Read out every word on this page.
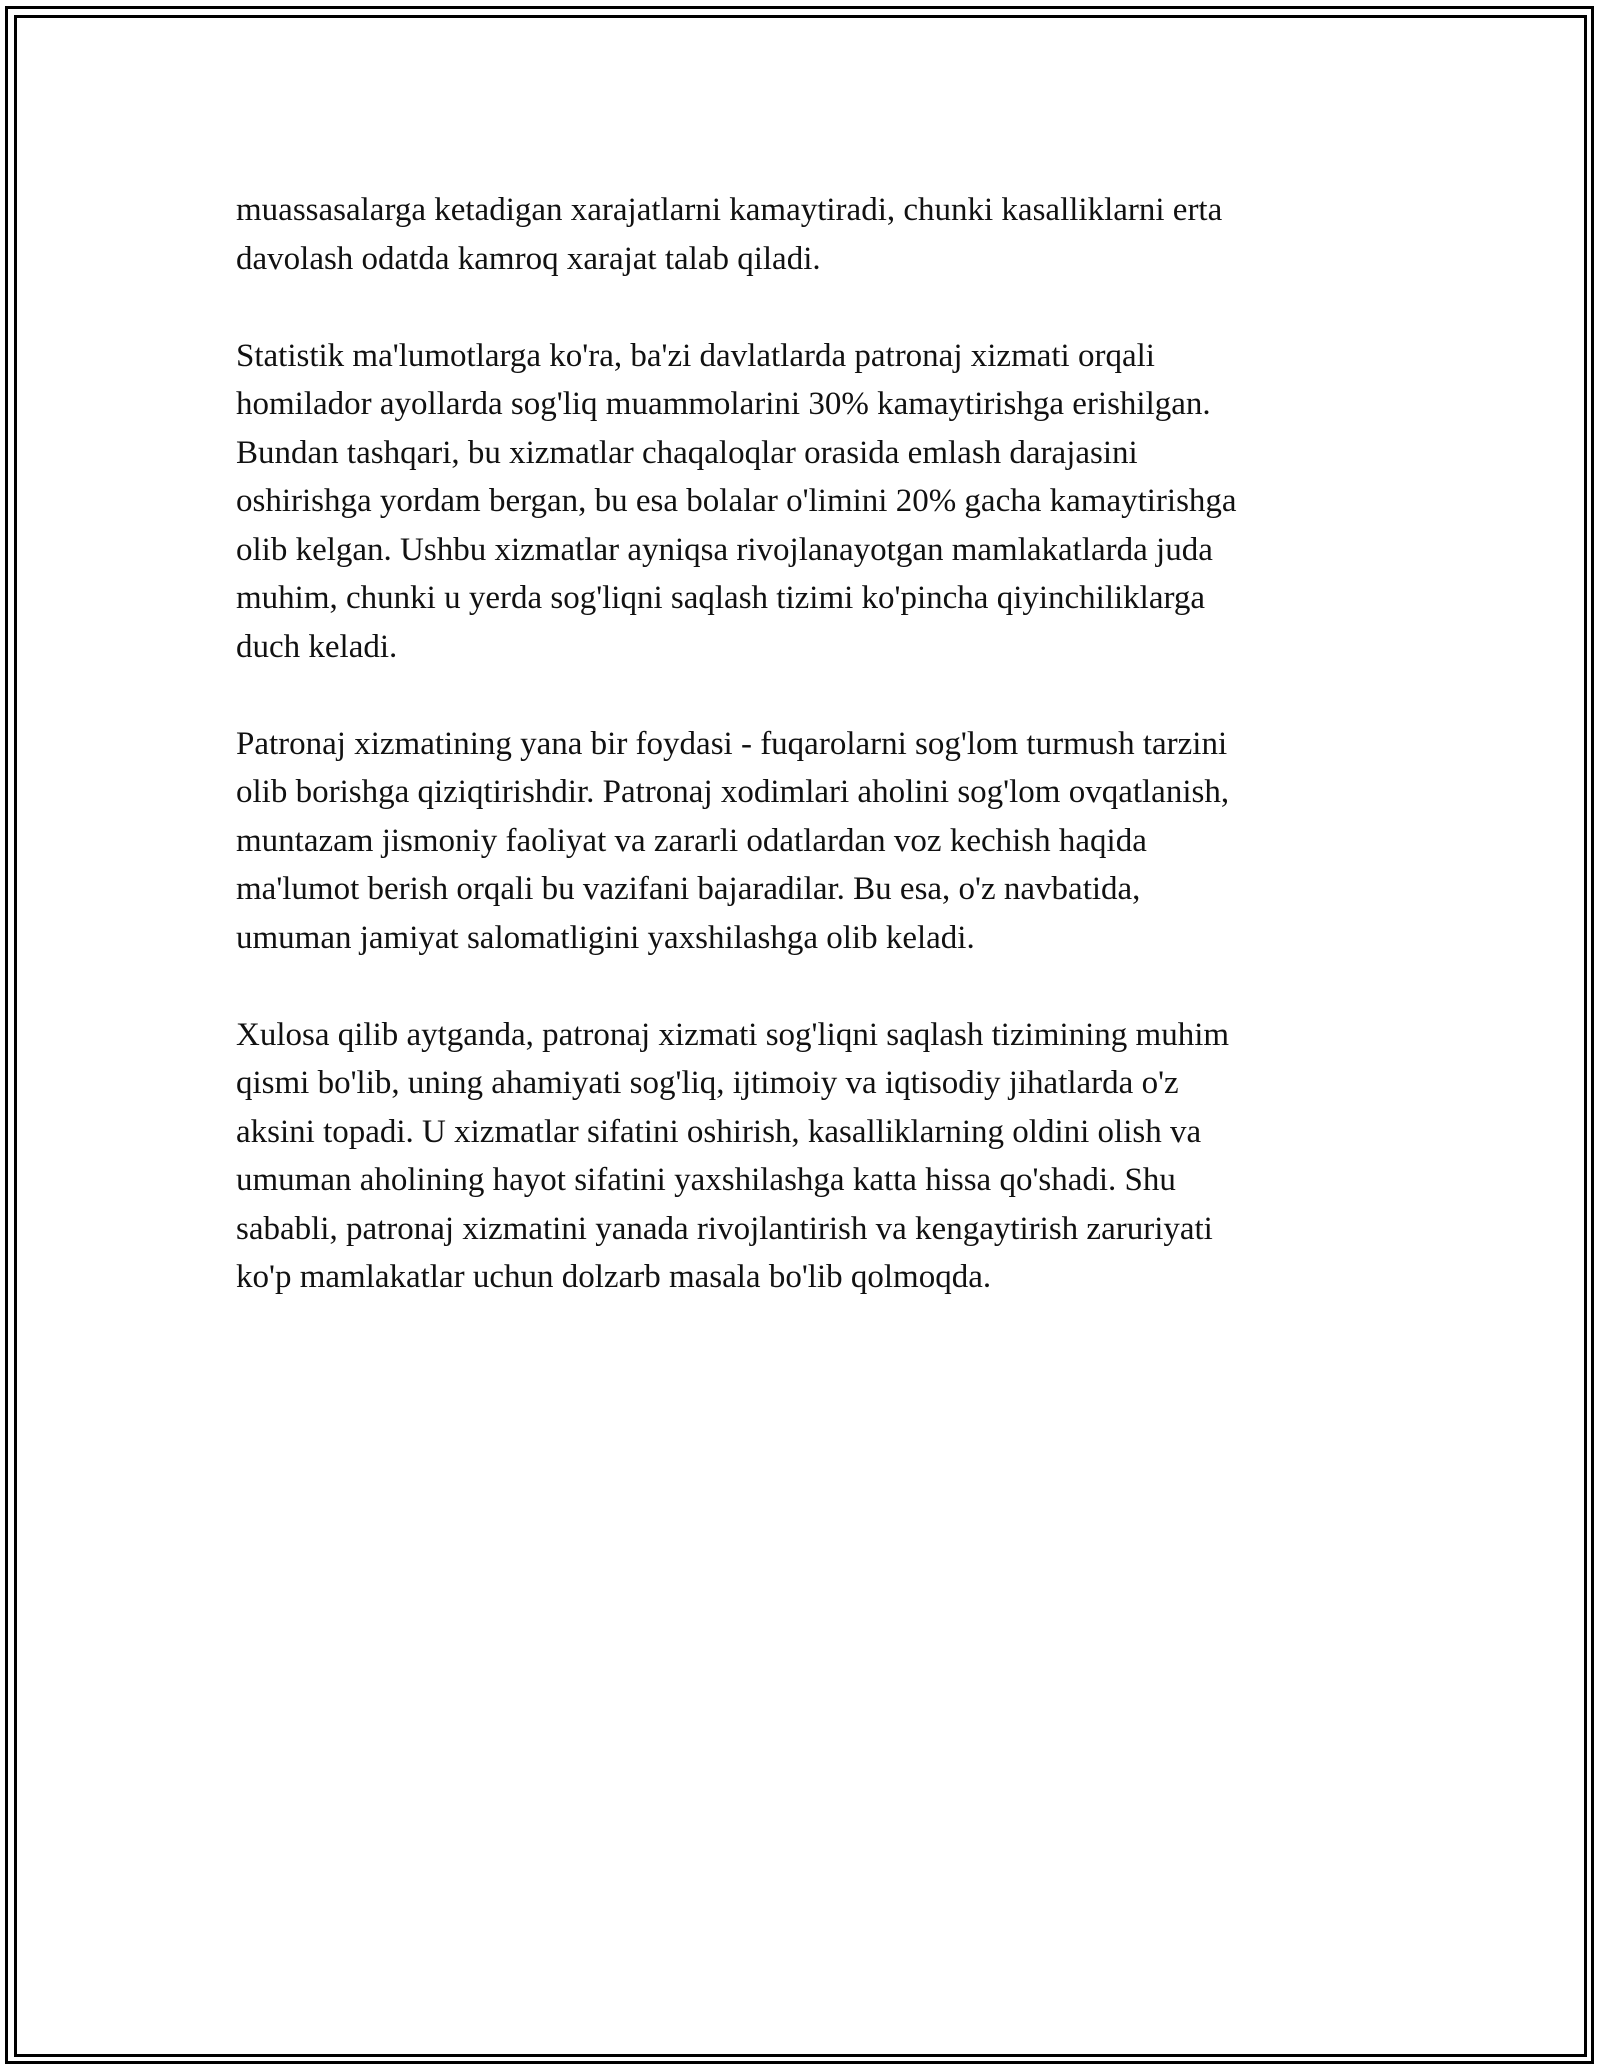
muassasalarga ketadigan xarajatlarni kamaytiradi, chunki kasalliklarni erta
davolash odatda kamroq xarajat talab qiladi.

Statistik ma'lumotlarga ko'ra, ba'zi davlatlarda patronaj xizmati orqali
homilador ayollarda sog'liq muammolarini 30% kamaytirishga erishilgan.
Bundan tashqari, bu xizmatlar chaqaloqlar orasida emlash darajasini
oshirishga yordam bergan, bu esa bolalar o'limini 20% gacha kamaytirishga
olib kelgan. Ushbu xizmatlar ayniqsa rivojlanayotgan mamlakatlarda juda
muhim, chunki u yerda sog'liqni saqlash tizimi ko'pincha qiyinchiliklarga
duch keladi.

Patronaj xizmatining yana bir foydasi - fuqarolarni sog'lom turmush tarzini
olib borishga qiziqtirishdir. Patronaj xodimlari aholini sog'lom ovqatlanish,
muntazam jismoniy faoliyat va zararli odatlardan voz kechish haqida
ma'lumot berish orqali bu vazifani bajaradilar. Bu esa, o'z navbatida,
umuman jamiyat salomatligini yaxshilashga olib keladi.

Xulosa qilib aytganda, patronaj xizmati sog'liqni saqlash tizimining muhim
qismi bo'lib, uning ahamiyati sog'liq, ijtimoiy va iqtisodiy jihatlarda o'z
aksini topadi. U xizmatlar sifatini oshirish, kasalliklarning oldini olish va
umuman aholining hayot sifatini yaxshilashga katta hissa qo'shadi. Shu
sababli, patronaj xizmatini yanada rivojlantirish va kengaytirish zaruriyati
ko'p mamlakatlar uchun dolzarb masala bo'lib qolmoqda.
